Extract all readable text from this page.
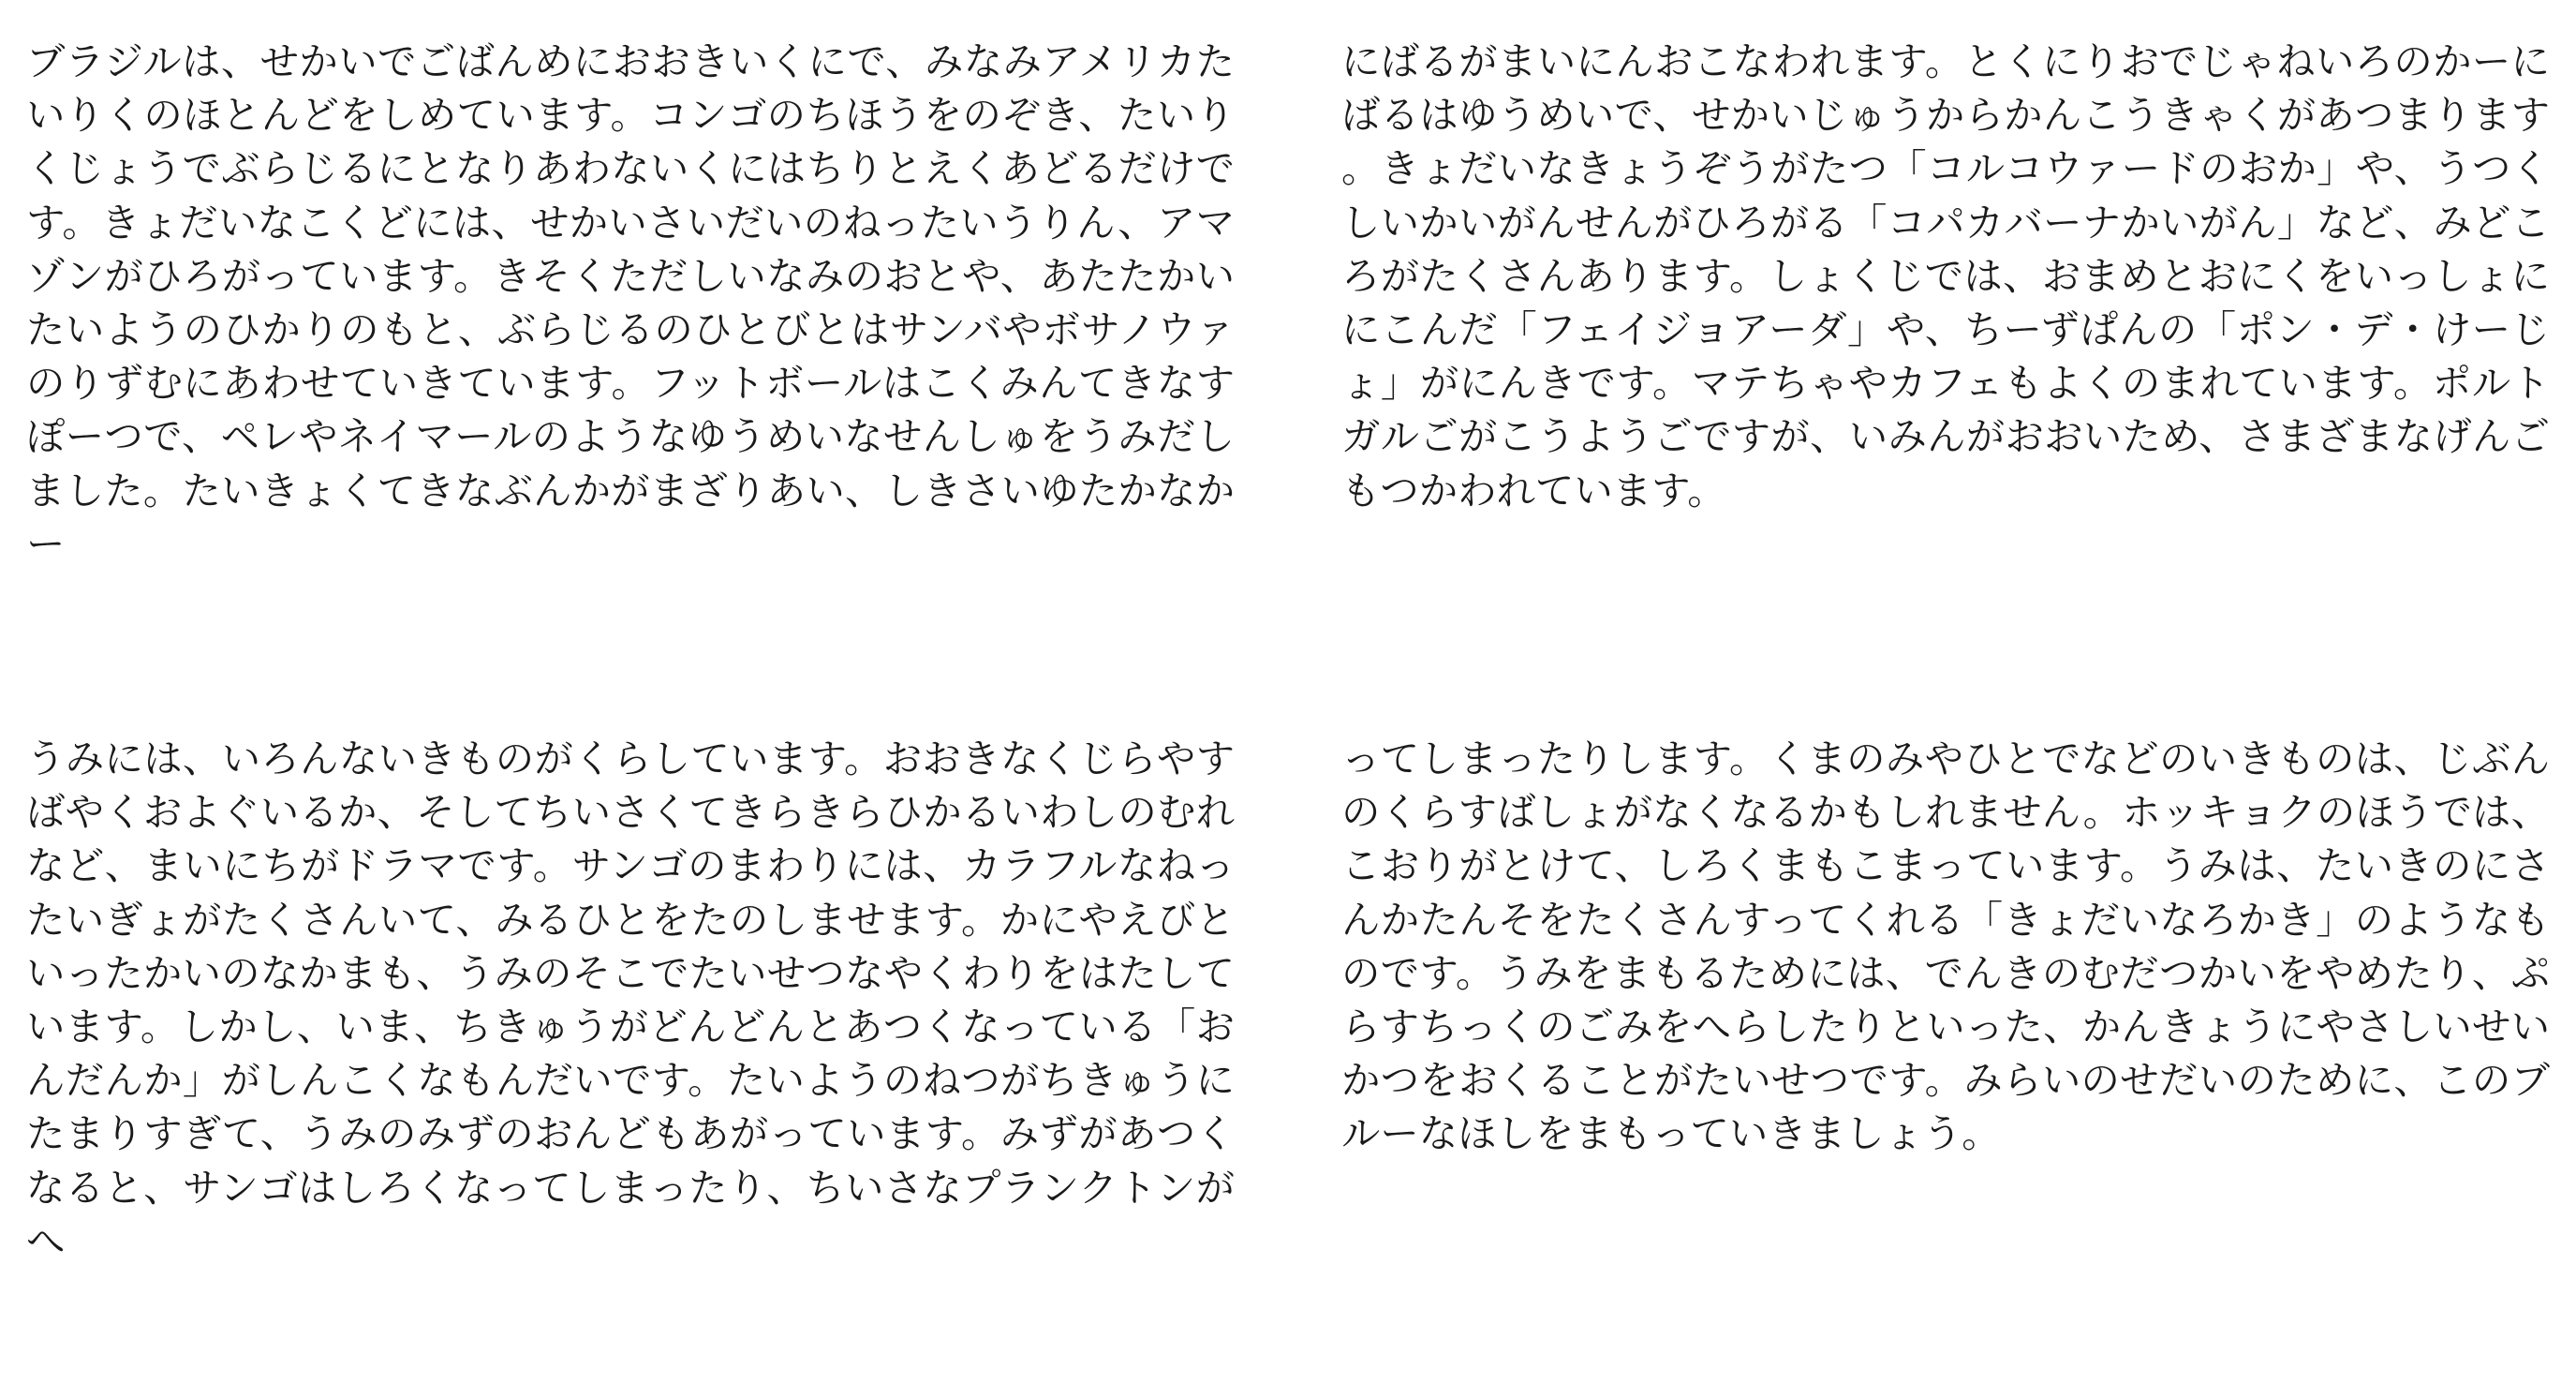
ブラジルは、せかいでごばんめにおおきいくにで、みなみアメリカたいりくのほとんどをしめています。コンゴのちほうをのぞき、たいりくじょうでぶらじるにとなりあわないくにはちりとえくあどるだけです。きょだいなこくどには、せかいさいだいのねったいうりん、アマゾンがひろがっています。きそくただしいなみのおとや、あたたかいたいようのひかりのもと、ぶらじるのひとびとはサンバやボサノウァのりずむにあわせていきています。フットボールはこくみんてきなすぽーつで、ペレやネイマールのようなゆうめいなせんしゅをうみだしました。たいきょくてきなぶんかがまざりあい、しきさいゆたかなかー

にばるがまいにんおこなわれます。とくにりおでじゃねいろのかーにばるはゆうめいで、せかいじゅうからかんこうきゃくがあつまります。きょだいなきょうぞうがたつ「コルコウァードのおか」や、うつくしいかいがんせんがひろがる「コパカバーナかいがん」など、みどころがたくさんあります。しょくじでは、おまめとおにくをいっしょににこんだ「フェイジョアーダ」や、ちーずぱんの「ポン・デ・けーじょ」がにんきです。マテちゃやカフェもよくのまれています。ポルトガルごがこうようごですが、いみんがおおいため、さまざまなげんごもつかわれています。

うみには、いろんないきものがくらしています。おおきなくじらやすばやくおよぐいるか、そしてちいさくてきらきらひかるいわしのむれなど、まいにちがドラマです。サンゴのまわりには、カラフルなねったいぎょがたくさんいて、みるひとをたのしませます。かにやえびといったかいのなかまも、うみのそこでたいせつなやくわりをはたしています。しかし、いま、ちきゅうがどんどんとあつくなっている「おんだんか」がしんこくなもんだいです。たいようのねつがちきゅうにたまりすぎて、うみのみずのおんどもあがっています。みずがあつくなると、サンゴはしろくなってしまったり、ちいさなプランクトンがへ

ってしまったりします。くまのみやひとでなどのいきものは、じぶんのくらすばしょがなくなるかもしれません。ホッキョクのほうでは、こおりがとけて、しろくまもこまっています。うみは、たいきのにさんかたんそをたくさんすってくれる「きょだいなろかき」のようなものです。うみをまもるためには、でんきのむだつかいをやめたり、ぷらすちっくのごみをへらしたりといった、かんきょうにやさしいせいかつをおくることがたいせつです。みらいのせだいのために、このブルーなほしをまもっていきましょう。
